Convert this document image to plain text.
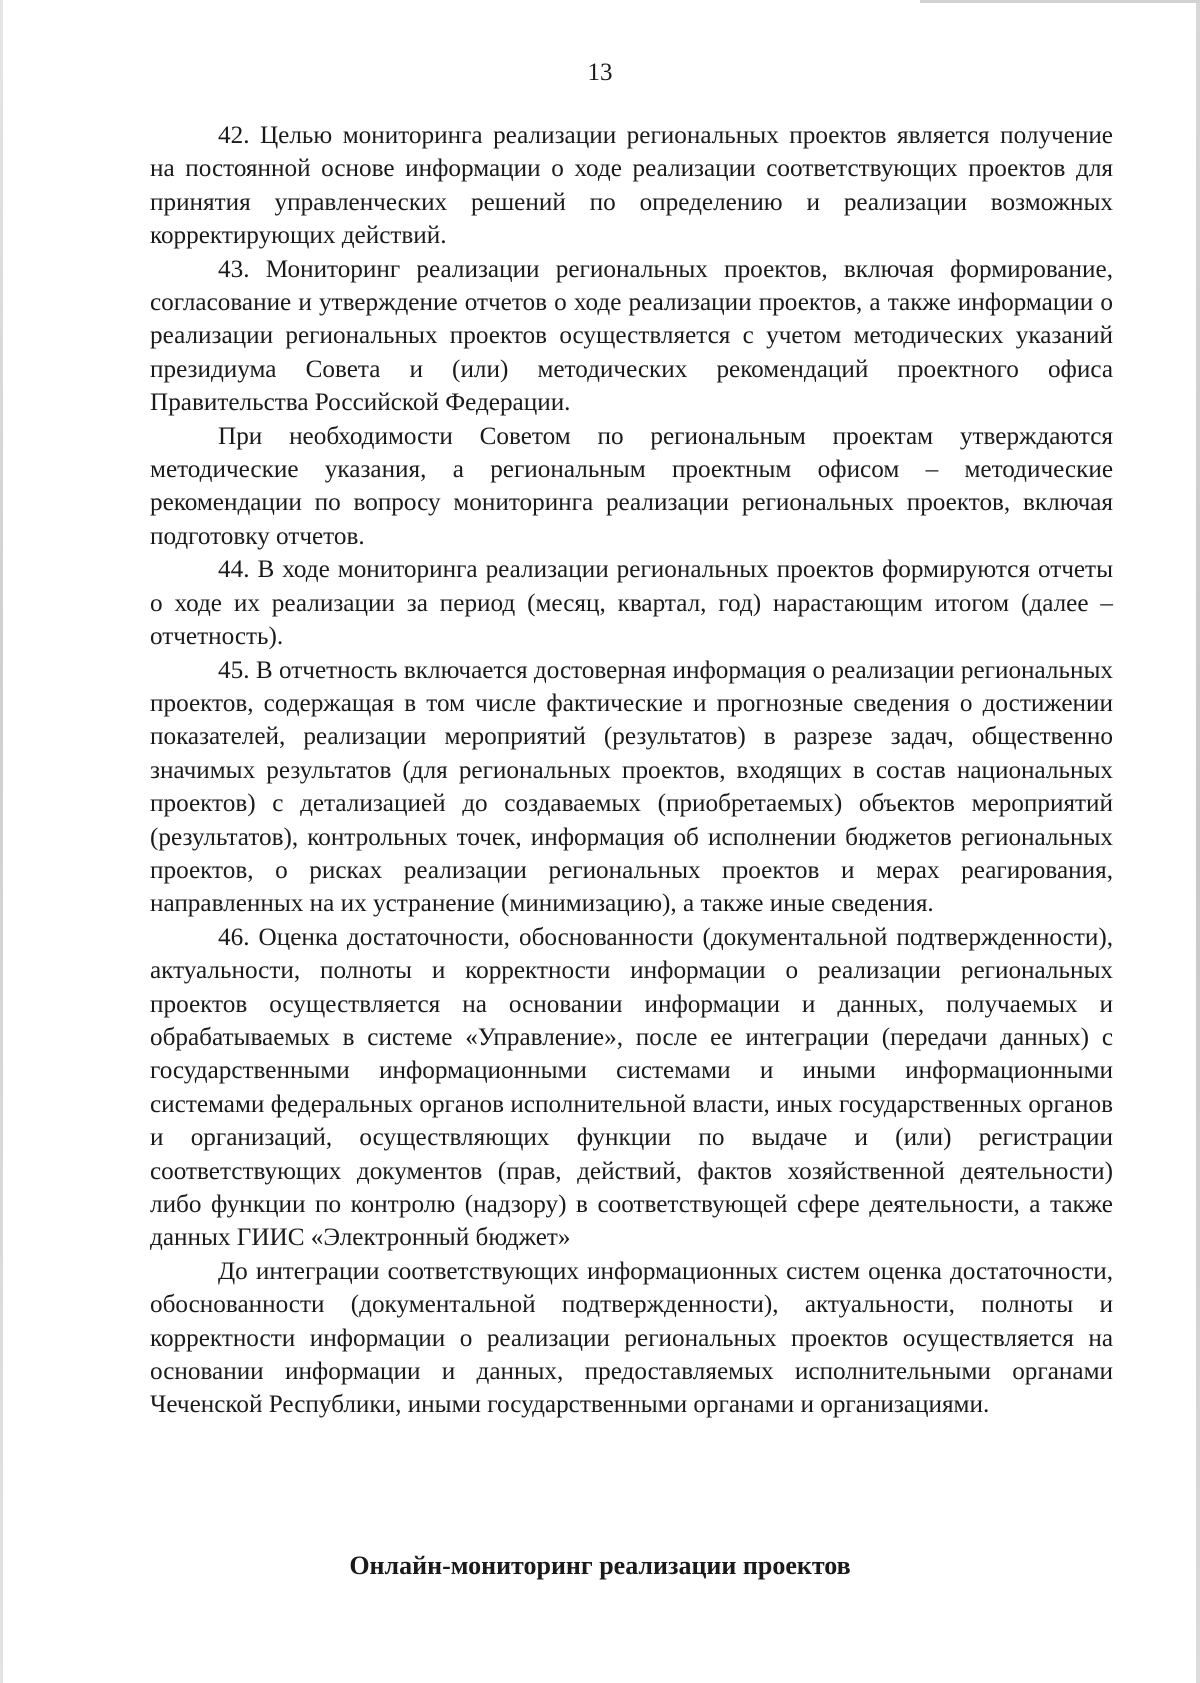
13

42. Целью мониторинга реализации региональных проектов является получение на постоянной основе информации о ходе реализации соответствующих проектов для принятия управленческих решений по определению и реализации возможных корректирующих действий.

43. Мониторинг реализации региональных проектов, включая формирование, согласование и утверждение отчетов о ходе реализации проектов, а также информации о реализации региональных проектов осуществляется с учетом методических указаний президиума Совета и (или) методических рекомендаций проектного офиса Правительства Российской Федерации.

При необходимости Советом по региональным проектам утверждаются методические указания, а региональным проектным офисом – методические рекомендации по вопросу мониторинга реализации региональных проектов, включая подготовку отчетов.

44. В ходе мониторинга реализации региональных проектов формируются отчеты о ходе их реализации за период (месяц, квартал, год) нарастающим итогом (далее – отчетность).

45. В отчетность включается достоверная информация о реализации региональных проектов, содержащая в том числе фактические и прогнозные сведения о достижении показателей, реализации мероприятий (результатов) в разрезе задач, общественно значимых результатов (для региональных проектов, входящих в состав национальных проектов) с детализацией до создаваемых (приобретаемых) объектов мероприятий (результатов), контрольных точек, информация об исполнении бюджетов региональных проектов, о рисках реализации региональных проектов и мерах реагирования, направленных на их устранение (минимизацию), а также иные сведения.

46. Оценка достаточности, обоснованности (документальной подтвержденности), актуальности, полноты и корректности информации о реализации региональных проектов осуществляется на основании информации и данных, получаемых и обрабатываемых в системе «Управление», после ее интеграции (передачи данных) с государственными информационными системами и иными информационными системами федеральных органов исполнительной власти, иных государственных органов и организаций, осуществляющих функции по выдаче и (или) регистрации соответствующих документов (прав, действий, фактов хозяйственной деятельности) либо функции по контролю (надзору) в соответствующей сфере деятельности, а также данных ГИИС «Электронный бюджет»

До интеграции соответствующих информационных систем оценка достаточности, обоснованности (документальной подтвержденности), актуальности, полноты и корректности информации о реализации региональных проектов осуществляется на основании информации и данных, предоставляемых исполнительными органами Чеченской Республики, иными государственными органами и организациями.

Онлайн-мониторинг реализации проектов
